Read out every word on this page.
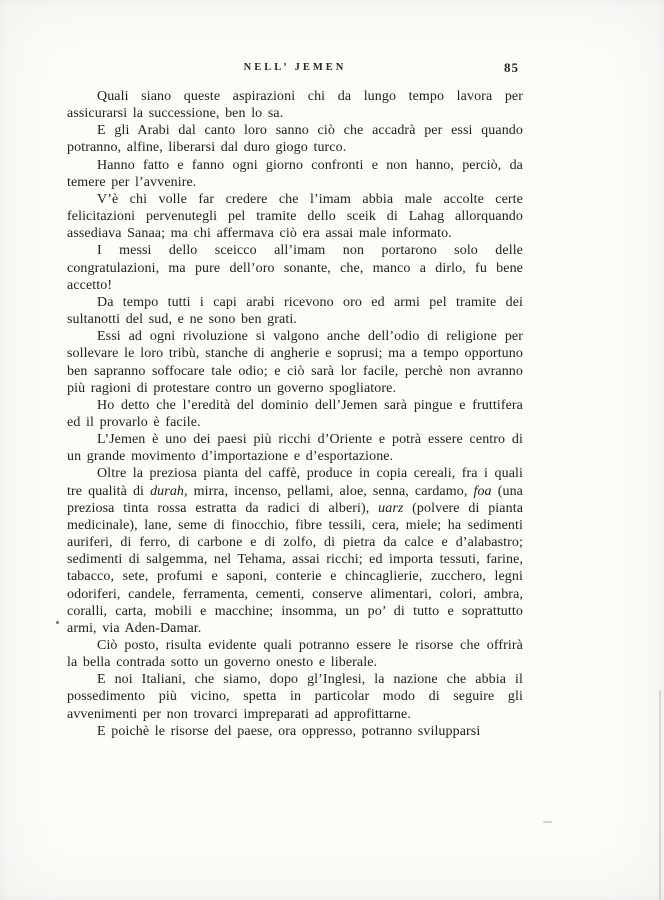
NELL’ JEMEN	85

Quali siano queste aspirazioni chi da lungo tempo lavora per assicurarsi la successione, ben lo sa.

E gli Arabi dal canto loro sanno ciò che accadrà per essi quando potranno, alfine, liberarsi dal duro giogo turco.

Hanno fatto e fanno ogni giorno confronti e non hanno, perciò, da temere per l’avvenire.

V’è chi volle far credere che l’imam abbia male accolte certe felicitazioni pervenutegli pel tramite dello sceik di Lahag allorquando assediava Sanaa; ma chi affermava ciò era assai male informato.

I messi dello sceicco all’imam non portarono solo delle congratulazioni, ma pure dell’oro sonante, che, manco a dirlo, fu bene accetto!

Da tempo tutti i capi arabi ricevono oro ed armi pel tramite dei sultanotti del sud, e ne sono ben grati.

Essi ad ogni rivoluzione si valgono anche dell’odio di religione per sollevare le loro tribù, stanche di angherie e soprusi; ma a tempo opportuno ben sapranno soffocare tale odio; e ciò sarà lor facile, perchè non avranno più ragioni di protestare contro un governo spogliatore.

Ho detto che l’eredità del dominio dell’Jemen sarà pingue e fruttifera ed il provarlo è facile.

L’Jemen è uno dei paesi più ricchi d’Oriente e potrà essere centro di un grande movimento d’importazione e d’esportazione.

Oltre la preziosa pianta del caffè, produce in copia cereali, fra i quali tre qualità di durah, mirra, incenso, pellami, aloe, senna, cardamo, foa (una preziosa tinta rossa estratta da radici di alberi), uarz (polvere di pianta medicinale), lane, seme di finocchio, fibre tessili, cera, miele; ha sedimenti auriferi, di ferro, di carbone e di zolfo, di pietra da calce e d’alabastro; sedimenti di salgemma, nel Tehama, assai ricchi; ed importa tessuti, farine, tabacco, sete, profumi e saponi, conterie e chincaglierie, zucchero, legni odoriferi, candele, ferramenta, cementi, conserve alimentari, colori, ambra, coralli, carta, mobili e macchine; insomma, un po’ di tutto e soprattutto armi, via Aden-Damar.

Ciò posto, risulta evidente quali potranno essere le risorse che offrirà la bella contrada sotto un governo onesto e liberale.

E noi Italiani, che siamo, dopo gl’Inglesi, la nazione che abbia il possedimento più vicino, spetta in particolar modo di seguire gli avvenimenti per non trovarci impreparati ad approfittarne.

E poichè le risorse del paese, ora oppresso, potranno svilupparsi
